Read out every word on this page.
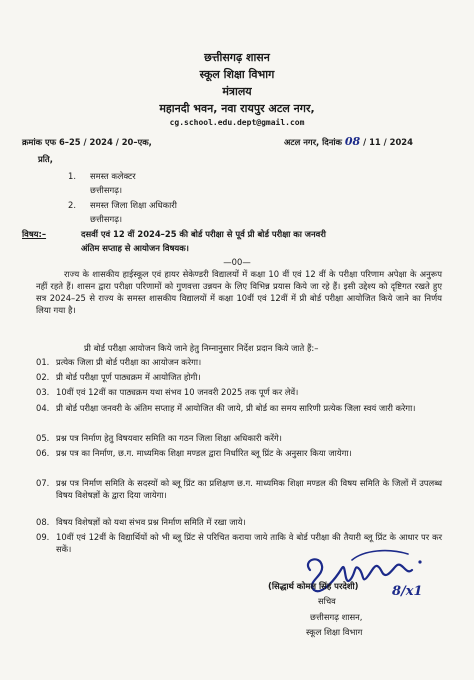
छत्तीसगढ़ शासन
स्कूल शिक्षा विभाग
मंत्रालय
महानदी भवन, नवा रायपुर अटल नगर,
cg.school.edu.dept@gmail.com
क्रमांक एफ 6–25 / 2024 / 20–एक,	अटल नगर, दिनांक 08 / 11 / 2024
प्रति,
1. समस्त कलेक्टर
छत्तीसगढ़।
2. समस्त जिला शिक्षा अधिकारी
छत्तीसगढ़।
विषय:–	दसवीं एवं 12 वीं 2024–25 की बोर्ड परीक्षा से पूर्व प्री बोर्ड परीक्षा का जनवरी
अंतिम सप्ताह से आयोजन विषयक।
—00—
राज्य के शासकीय हाईस्कूल एवं हायर सेकेण्डरी विद्यालयों में कक्षा 10 वीं एवं 12 वीं के परीक्षा परिणाम अपेक्षा के अनुरूप नहीं रहते हैं। शासन द्वारा परीक्षा परिणामों को गुणवत्ता उन्नयन के लिए विभिन्न प्रयास किये जा रहे हैं। इसी उद्देश्य को दृष्टिगत रखते हुए सत्र 2024–25 से राज्य के समस्त शासकीय विद्यालयों में कक्षा 10वीं एवं 12वीं में प्री बोर्ड परीक्षा आयोजित किये जाने का निर्णय लिया गया है।
प्री बोर्ड परीक्षा आयोजन किये जाने हेतु निम्नानुसार निर्देश प्रदान किये जाते हैं:–
01. प्रत्येक जिला प्री बोर्ड परीक्षा का आयोजन करेगा।
02. प्री बोर्ड परीक्षा पूर्ण पाठ्यक्रम में आयोजित होगी।
03. 10वीं एवं 12वीं का पाठ्यक्रम यथा संभव 10 जनवरी 2025 तक पूर्ण कर लेवें।
04. प्री बोर्ड परीक्षा जनवरी के अंतिम सप्ताह में आयोजित की जाये, प्री बोर्ड का समय सारिणी प्रत्येक जिला स्वयं जारी करेगा।
05. प्रश्न पत्र निर्माण हेतु विषयवार समिति का गठन जिला शिक्षा अधिकारी करेंगे।
06. प्रश्न पत्र का निर्माण, छ.ग. माध्यमिक शिक्षा मण्डल द्वारा निर्धारित ब्लू प्रिंट के अनुसार किया जायेगा।
07. प्रश्न पत्र निर्माण समिति के सदस्यों को ब्लू प्रिंट का प्रशिक्षण छ.ग. माध्यमिक शिक्षा मण्डल की विषय समिति के जिलों में उपलब्ध विषय विशेषज्ञों के द्वारा दिया जायेगा।
08. विषय विशेषज्ञों को यथा संभव प्रश्न निर्माण समिति में रखा जाये।
09. 10वीं एवं 12वीं के विद्यार्थियों को भी ब्लू प्रिंट से परिचित कराया जाये ताकि वे बोर्ड परीक्षा की तैयारी ब्लू प्रिंट के आधार पर कर सकें।
(सिद्धार्थ कोमल सिंह परदेशी)	8/x1
सचिव
छत्तीसगढ़ शासन,
स्कूल शिक्षा विभाग
